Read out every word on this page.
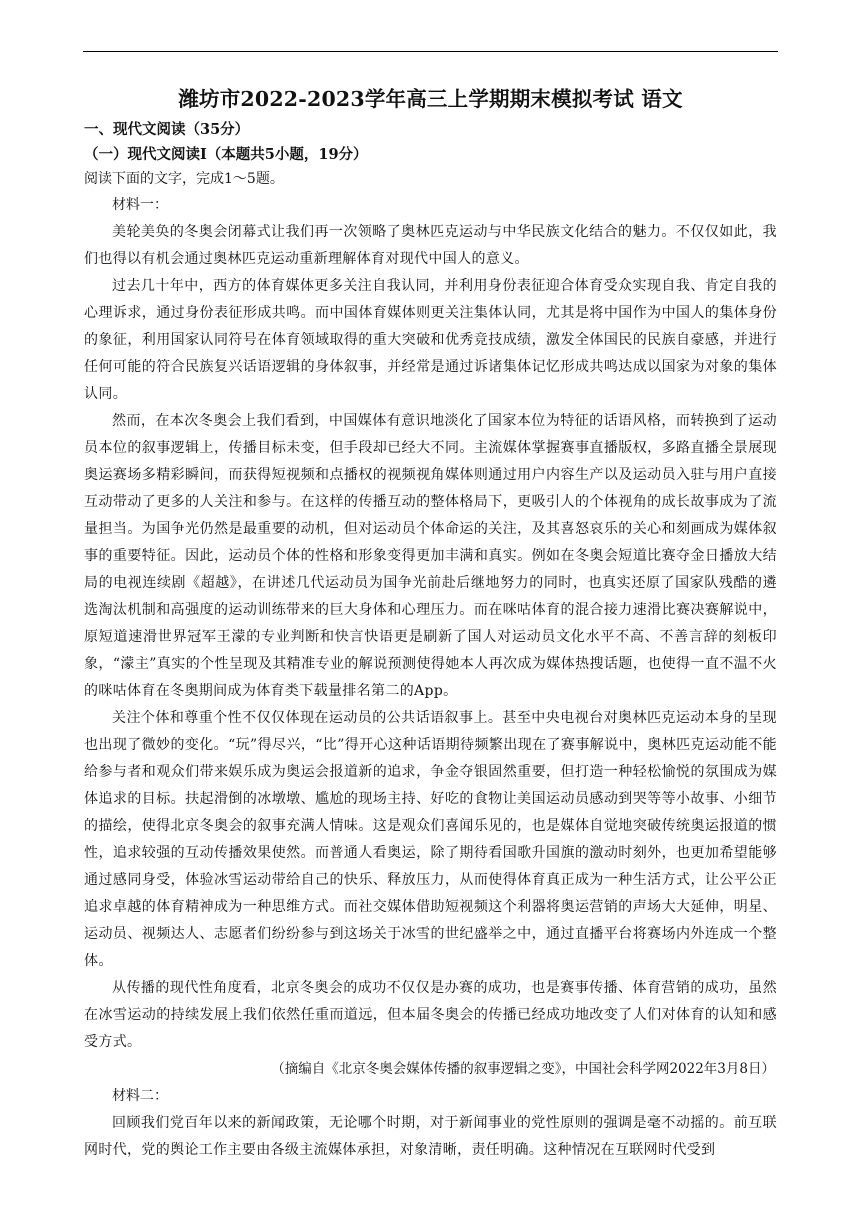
潍坊市2022-2023学年高三上学期期末模拟考试 语文
一、现代文阅读（35分）
（一）现代文阅读Ⅰ（本题共5小题，19分）
阅读下面的文字，完成1～5题。
材料一：

美轮美奂的冬奥会闭幕式让我们再一次领略了奥林匹克运动与中华民族文化结合的魅力。不仅仅如此，我们也得以有机会通过奥林匹克运动重新理解体育对现代中国人的意义。

过去几十年中，西方的体育媒体更多关注自我认同，并利用身份表征迎合体育受众实现自我、肯定自我的心理诉求，通过身份表征形成共鸣。而中国体育媒体则更关注集体认同，尤其是将中国作为中国人的集体身份的象征，利用国家认同符号在体育领域取得的重大突破和优秀竞技成绩，激发全体国民的民族自豪感，并进行任何可能的符合民族复兴话语逻辑的身体叙事，并经常是通过诉诸集体记忆形成共鸣达成以国家为对象的集体认同。

然而，在本次冬奥会上我们看到，中国媒体有意识地淡化了国家本位为特征的话语风格，而转换到了运动员本位的叙事逻辑上，传播目标未变，但手段却已经大不同。主流媒体掌握赛事直播版权，多路直播全景展现奥运赛场多精彩瞬间，而获得短视频和点播权的视频视角媒体则通过用户内容生产以及运动员入驻与用户直接互动带动了更多的人关注和参与。在这样的传播互动的整体格局下，更吸引人的个体视角的成长故事成为了流量担当。为国争光仍然是最重要的动机，但对运动员个体命运的关注，及其喜怒哀乐的关心和刻画成为媒体叙事的重要特征。因此，运动员个体的性格和形象变得更加丰满和真实。例如在冬奥会短道比赛夺金日播放大结局的电视连续剧《超越》，在讲述几代运动员为国争光前赴后继地努力的同时，也真实还原了国家队残酷的遴选淘汰机制和高强度的运动训练带来的巨大身体和心理压力。而在咪咕体育的混合接力速滑比赛决赛解说中，原短道速滑世界冠军王濛的专业判断和快言快语更是刷新了国人对运动员文化水平不高、不善言辞的刻板印象，“濛主”真实的个性呈现及其精准专业的解说预测使得她本人再次成为媒体热搜话题，也使得一直不温不火的咪咕体育在冬奥期间成为体育类下载量排名第二的App。

关注个体和尊重个性不仅仅体现在运动员的公共话语叙事上。甚至中央电视台对奥林匹克运动本身的呈现也出现了微妙的变化。“玩”得尽兴，“比”得开心这种话语期待频繁出现在了赛事解说中，奥林匹克运动能不能给参与者和观众们带来娱乐成为奥运会报道新的追求，争金夺银固然重要，但打造一种轻松愉悦的氛围成为媒体追求的目标。扶起滑倒的冰墩墩、尴尬的现场主持、好吃的食物让美国运动员感动到哭等等小故事、小细节的描绘，使得北京冬奥会的叙事充满人情味。这是观众们喜闻乐见的，也是媒体自觉地突破传统奥运报道的惯性，追求较强的互动传播效果使然。而普通人看奥运，除了期待看国歌升国旗的激动时刻外，也更加希望能够通过感同身受，体验冰雪运动带给自己的快乐、释放压力，从而使得体育真正成为一种生活方式，让公平公正追求卓越的体育精神成为一种思维方式。而社交媒体借助短视频这个利器将奥运营销的声场大大延伸，明星、运动员、视频达人、志愿者们纷纷参与到这场关于冰雪的世纪盛举之中，通过直播平台将赛场内外连成一个整体。

从传播的现代性角度看，北京冬奥会的成功不仅仅是办赛的成功，也是赛事传播、体育营销的成功，虽然在冰雪运动的持续发展上我们依然任重而道远，但本届冬奥会的传播已经成功地改变了人们对体育的认知和感受方式。

（摘编自《北京冬奥会媒体传播的叙事逻辑之变》，中国社会科学网2022年3月8日）
材料二：

回顾我们党百年以来的新闻政策，无论哪个时期，对于新闻事业的党性原则的强调是毫不动摇的。前互联网时代，党的舆论工作主要由各级主流媒体承担，对象清晰，责任明确。这种情况在互联网时代受到
